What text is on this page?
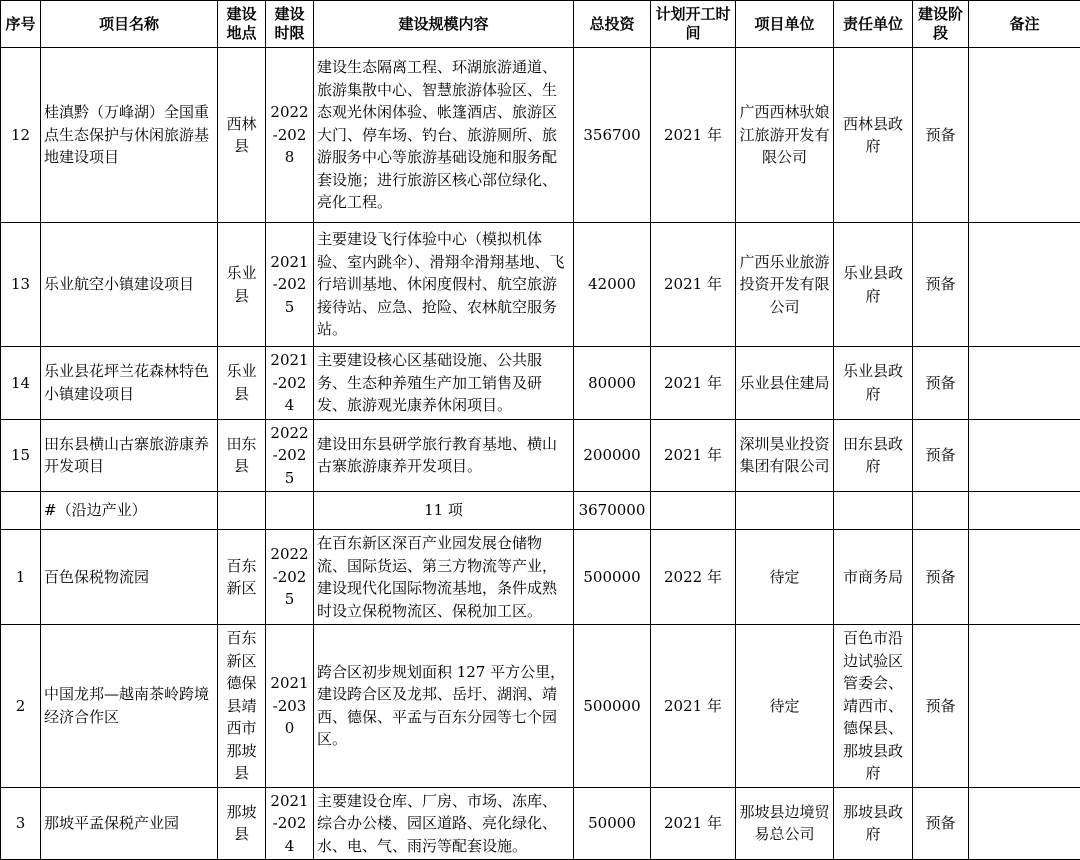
序号	项目名称	建设地点	建设时限	建设规模内容	总投资	计划开工时间	项目单位	责任单位	建设阶段	备注
12	桂滇黔（万峰湖）全国重点生态保护与休闲旅游基地建设项目	西林县	2022-2028	建设生态隔离工程、环湖旅游通道、旅游集散中心、智慧旅游体验区、生态观光休闲体验、帐篷酒店、旅游区大门、停车场、钓台、旅游厕所、旅游服务中心等旅游基础设施和服务配套设施；进行旅游区核心部位绿化、亮化工程。	356700	2021 年	广西西林驮娘江旅游开发有限公司	西林县政府	预备	
13	乐业航空小镇建设项目	乐业县	2021-2025	主要建设飞行体验中心（模拟机体验、室内跳伞）、滑翔伞滑翔基地、飞行培训基地、休闲度假村、航空旅游接待站、应急、抢险、农林航空服务站。	42000	2021 年	广西乐业旅游投资开发有限公司	乐业县政府	预备	
14	乐业县花坪兰花森林特色小镇建设项目	乐业县	2021-2024	主要建设核心区基础设施、公共服务、生态种养殖生产加工销售及研发、旅游观光康养休闲项目。	80000	2021 年	乐业县住建局	乐业县政府	预备	
15	田东县横山古寨旅游康养开发项目	田东县	2022-2025	建设田东县研学旅行教育基地、横山古寨旅游康养开发项目。	200000	2021 年	深圳昊业投资集团有限公司	田东县政府	预备	
	#（沿边产业）			11 项	3670000					
1	百色保税物流园	百东新区	2022-2025	在百东新区深百产业园发展仓储物流、国际货运、第三方物流等产业，建设现代化国际物流基地，条件成熟时设立保税物流区、保税加工区。	500000	2022 年	待定	市商务局	预备	
2	中国龙邦—越南茶岭跨境经济合作区	百东新区德保县靖西市那坡县	2021-2030	跨合区初步规划面积 127 平方公里，建设跨合区及龙邦、岳圩、湖润、靖西、德保、平孟与百东分园等七个园区。	500000	2021 年	待定	百色市沿边试验区管委会、靖西市、德保县、那坡县政府	预备	
3	那坡平孟保税产业园	那坡县	2021-2024	主要建设仓库、厂房、市场、冻库、综合办公楼、园区道路、亮化绿化、水、电、气、雨污等配套设施。	50000	2021 年	那坡县边境贸易总公司	那坡县政府	预备	
